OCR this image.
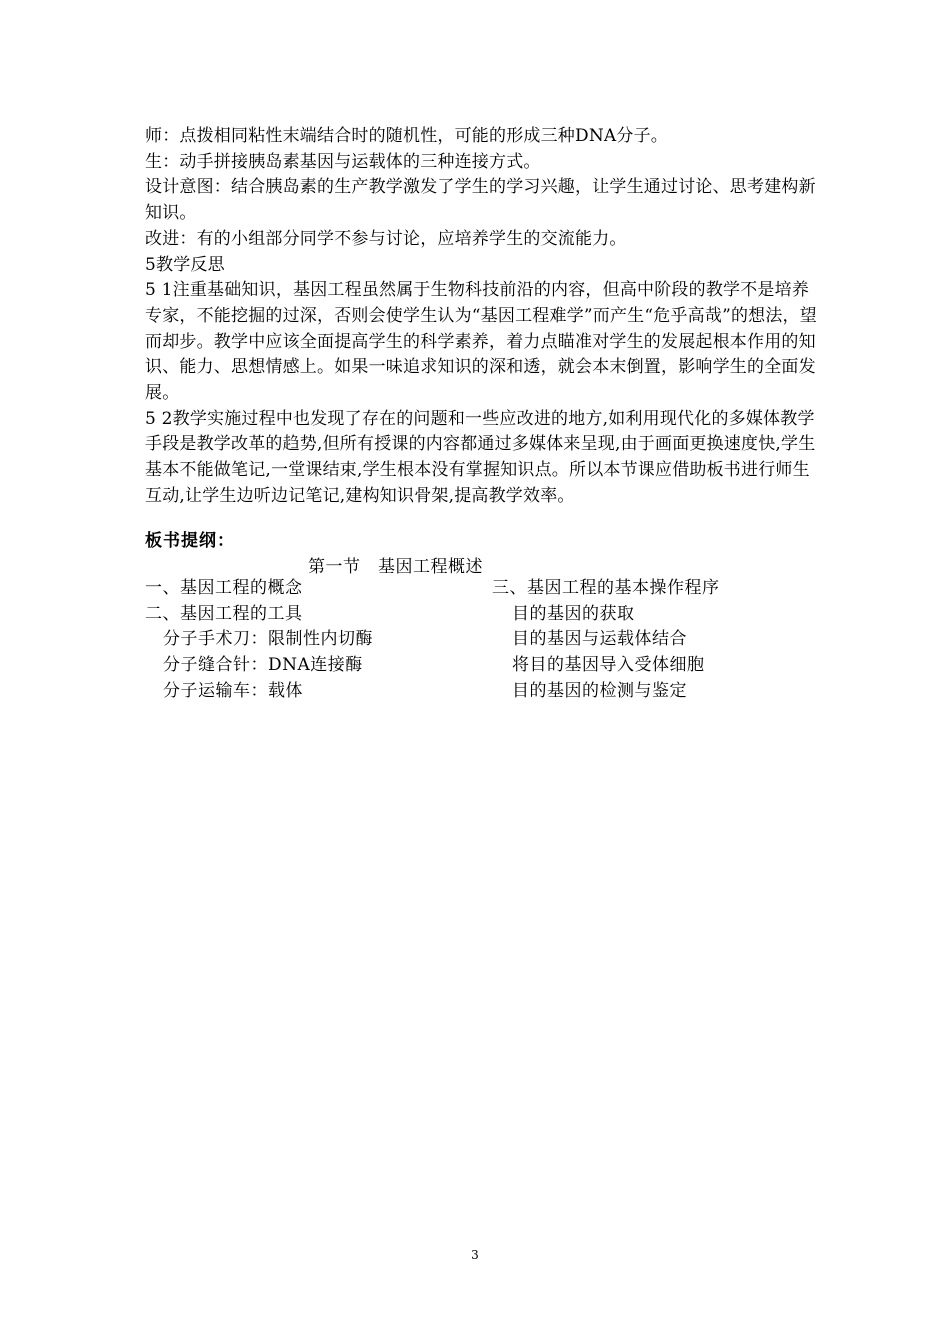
师：点拨相同粘性末端结合时的随机性，可能的形成三种DNA分子。

生：动手拼接胰岛素基因与运载体的三种连接方式。

设计意图：结合胰岛素的生产教学激发了学生的学习兴趣，让学生通过讨论、思考建构新知识。

改进：有的小组部分同学不参与讨论，应培养学生的交流能力。

5教学反思

5 1注重基础知识，基因工程虽然属于生物科技前沿的内容，但高中阶段的教学不是培养专家，不能挖掘的过深，否则会使学生认为“基因工程难学”而产生“危乎高哉”的想法，望而却步。教学中应该全面提高学生的科学素养，着力点瞄准对学生的发展起根本作用的知识、能力、思想情感上。如果一味追求知识的深和透，就会本末倒置，影响学生的全面发展。

5 2教学实施过程中也发现了存在的问题和一些应改进的地方,如利用现代化的多媒体教学手段是教学改革的趋势,但所有授课的内容都通过多媒体来呈现,由于画面更换速度快,学生基本不能做笔记,一堂课结束,学生根本没有掌握知识点。所以本节课应借助板书进行师生互动,让学生边听边记笔记,建构知识骨架,提高教学效率。

板书提纲：
第一节　基因工程概述
一、基因工程的概念
二、基因工程的工具
分子手术刀：限制性内切酶
分子缝合针：DNA连接酶
分子运输车：载体
三、基因工程的基本操作程序
目的基因的获取
目的基因与运载体结合
将目的基因导入受体细胞
目的基因的检测与鉴定
3
